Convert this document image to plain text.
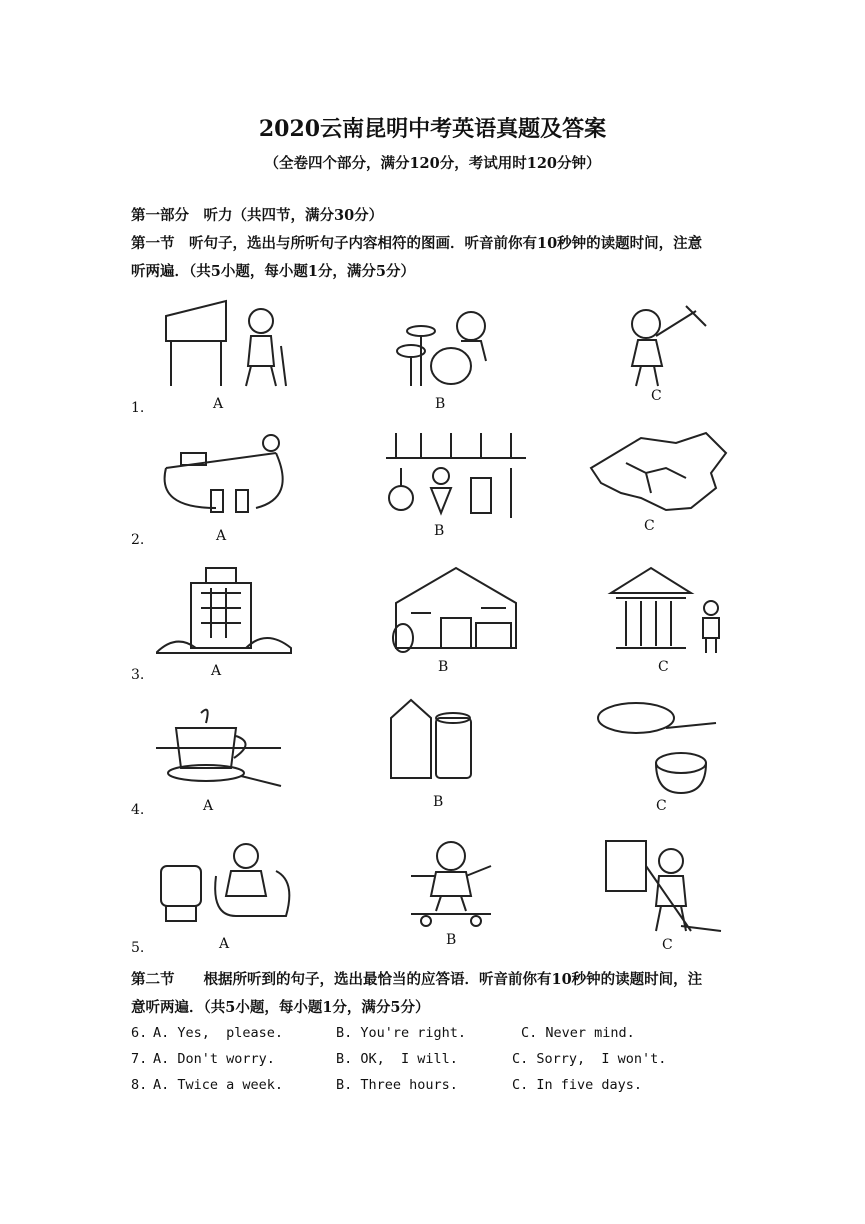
2020云南昆明中考英语真题及答案
（全卷四个部分，满分120分，考试用时120分钟）
第一部分　听力（共四节，满分30分）
第一节　听句子，选出与所听句子内容相符的图画．听音前你有10秒钟的读题时间，注意
听两遍．（共5小题，每小题1分，满分5分）
1.	A	B	C
2.	A	B	C
3.	A	B	C
4.	A	B	C
5.	A	B	C
第二节　　根据所听到的句子，选出最恰当的应答语．听音前你有10秒钟的读题时间，注
意听两遍．（共5小题，每小题1分，满分5分）
6. A. Yes,  please.	B. You're right.	C. Never mind.
7. A. Don't worry.	B. OK,  I will.	C. Sorry,  I won't.
8. A. Twice a week.	B. Three hours.	C. In five days.
